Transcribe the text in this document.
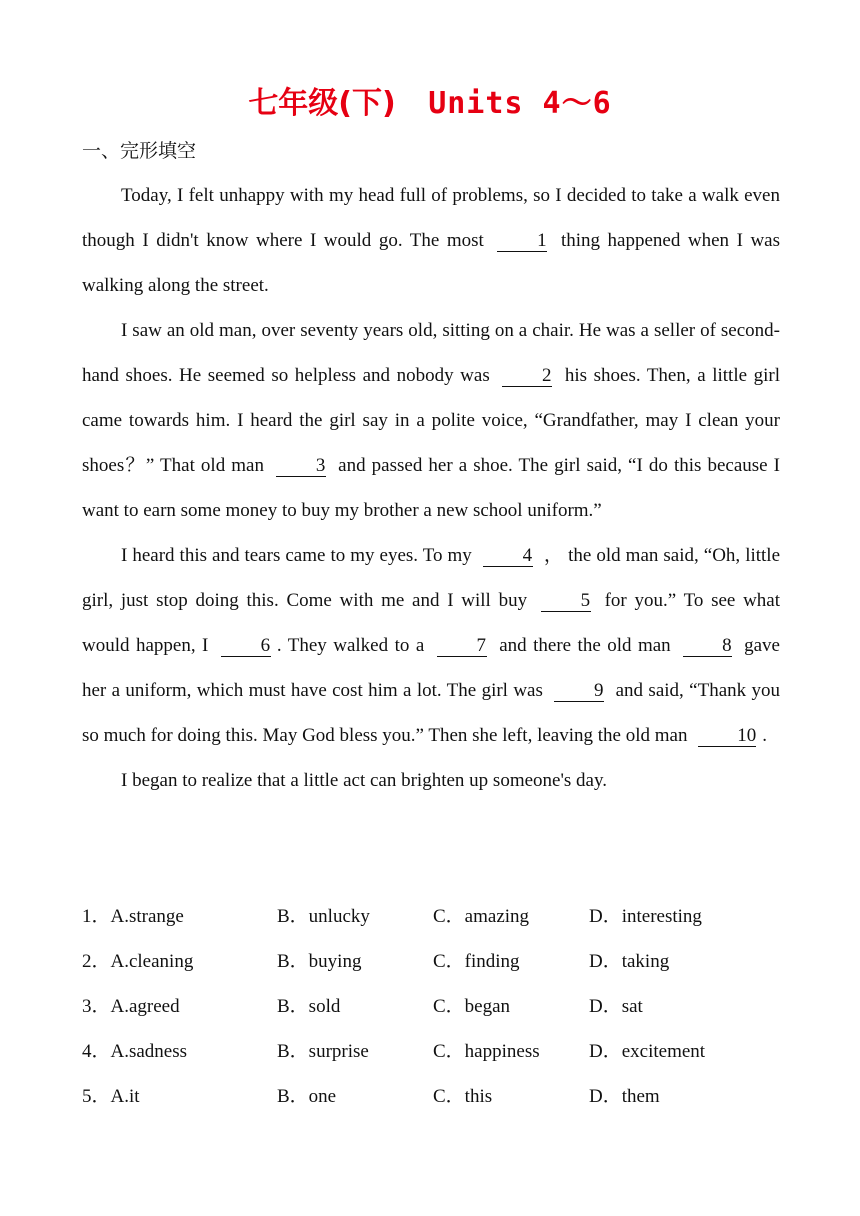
七年级(下) Units 4～6
一、完形填空

Today, I felt unhappy with my head full of problems, so I decided to take a walk even though I didn't know where I would go. The most	1 thing happened when I was walking along the street.

I saw an old man, over seventy years old, sitting on a chair. He was a seller of second-hand shoes. He seemed so helpless and nobody was	2 his shoes. Then, a little girl came towards him. I heard the girl say in a polite voice, “Grandfather, may I clean your shoes？” That old man	3 and passed her a shoe. The girl said, “I do this because I want to earn some money to buy my brother a new school uniform.”

I heard this and tears came to my eyes. To my	4 ， the old man said, “Oh, little girl, just stop doing this. Come with me and I will buy	5 for you.” To see what would happen, I	6 . They walked to a	7 and there the old man	8 gave her a uniform, which must have cost him a lot. The girl was	9 and said, “Thank you so much for doing this. May God bless you.” Then she left, leaving the old man	10 .

I began to realize that a little act can brighten up someone's day.

1．A.strange	B．unlucky	C．amazing	D．interesting
2．A.cleaning	B．buying	C．finding	D．taking
3．A.agreed	B．sold	C．began	D．sat
4．A.sadness	B．surprise	C．happiness	D．excitement
5．A.it	B．one	C．this	D．them
